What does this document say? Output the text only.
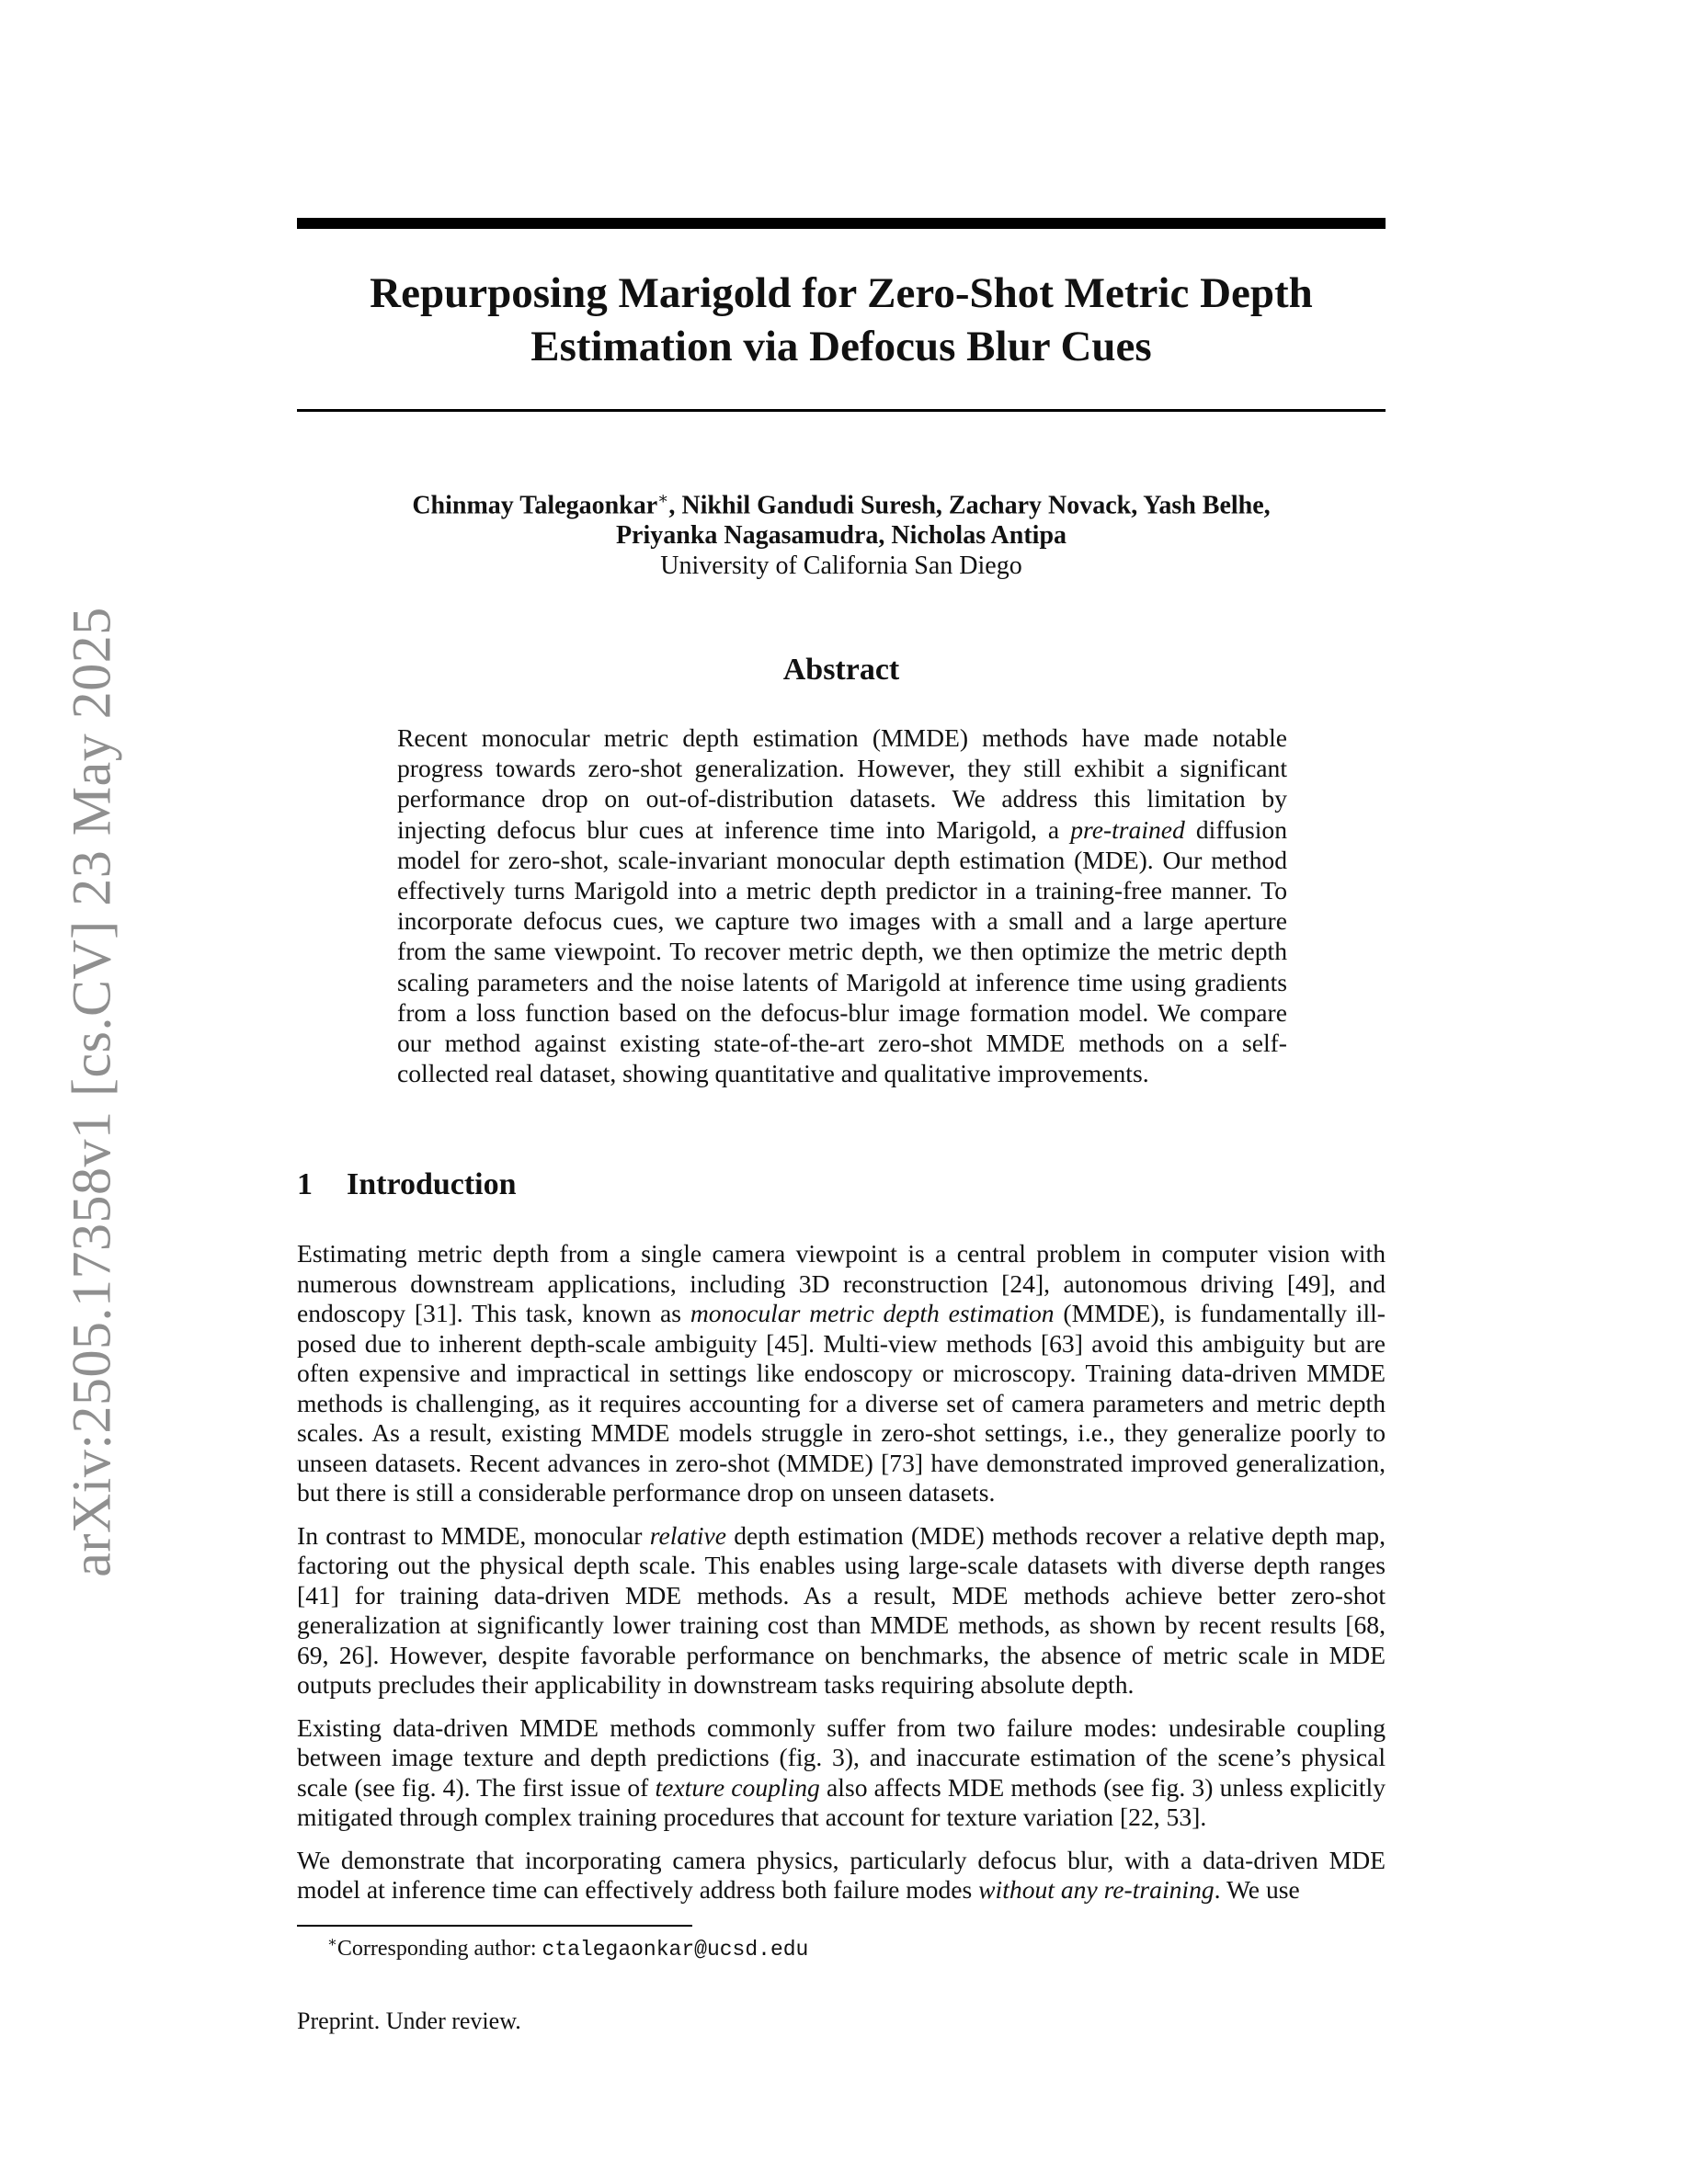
arXiv:2505.17358v1 [cs.CV] 23 May 2025
Repurposing Marigold for Zero-Shot Metric Depth
Estimation via Defocus Blur Cues
Chinmay Talegaonkar∗, Nikhil Gandudi Suresh, Zachary Novack, Yash Belhe,
Priyanka Nagasamudra, Nicholas Antipa
University of California San Diego
Abstract

Recent monocular metric depth estimation (MMDE) methods have made notable progress towards zero-shot generalization. However, they still exhibit a significant performance drop on out-of-distribution datasets. We address this limitation by injecting defocus blur cues at inference time into Marigold, a pre-trained diffusion model for zero-shot, scale-invariant monocular depth estimation (MDE). Our method effectively turns Marigold into a metric depth predictor in a training-free manner. To incorporate defocus cues, we capture two images with a small and a large aperture from the same viewpoint. To recover metric depth, we then optimize the metric depth scaling parameters and the noise latents of Marigold at inference time using gradients from a loss function based on the defocus-blur image formation model. We compare our method against existing state-of-the-art zero-shot MMDE methods on a self-collected real dataset, showing quantitative and qualitative improvements.

1 Introduction

Estimating metric depth from a single camera viewpoint is a central problem in computer vision with numerous downstream applications, including 3D reconstruction [24], autonomous driving [49], and endoscopy [31]. This task, known as monocular metric depth estimation (MMDE), is fundamentally ill-posed due to inherent depth-scale ambiguity [45]. Multi-view methods [63] avoid this ambiguity but are often expensive and impractical in settings like endoscopy or microscopy. Training data-driven MMDE methods is challenging, as it requires accounting for a diverse set of camera parameters and metric depth scales. As a result, existing MMDE models struggle in zero-shot settings, i.e., they generalize poorly to unseen datasets. Recent advances in zero-shot (MMDE) [73] have demonstrated improved generalization, but there is still a considerable performance drop on unseen datasets.

In contrast to MMDE, monocular relative depth estimation (MDE) methods recover a relative depth map, factoring out the physical depth scale. This enables using large-scale datasets with diverse depth ranges [41] for training data-driven MDE methods. As a result, MDE methods achieve better zero-shot generalization at significantly lower training cost than MMDE methods, as shown by recent results [68, 69, 26]. However, despite favorable performance on benchmarks, the absence of metric scale in MDE outputs precludes their applicability in downstream tasks requiring absolute depth.

Existing data-driven MMDE methods commonly suffer from two failure modes: undesirable coupling between image texture and depth predictions (fig. 3), and inaccurate estimation of the scene’s physical scale (see fig. 4). The first issue of texture coupling also affects MDE methods (see fig. 3) unless explicitly mitigated through complex training procedures that account for texture variation [22, 53].

We demonstrate that incorporating camera physics, particularly defocus blur, with a data-driven MDE model at inference time can effectively address both failure modes without any re-training. We use

∗Corresponding author: ctalegaonkar@ucsd.edu
Preprint. Under review.
